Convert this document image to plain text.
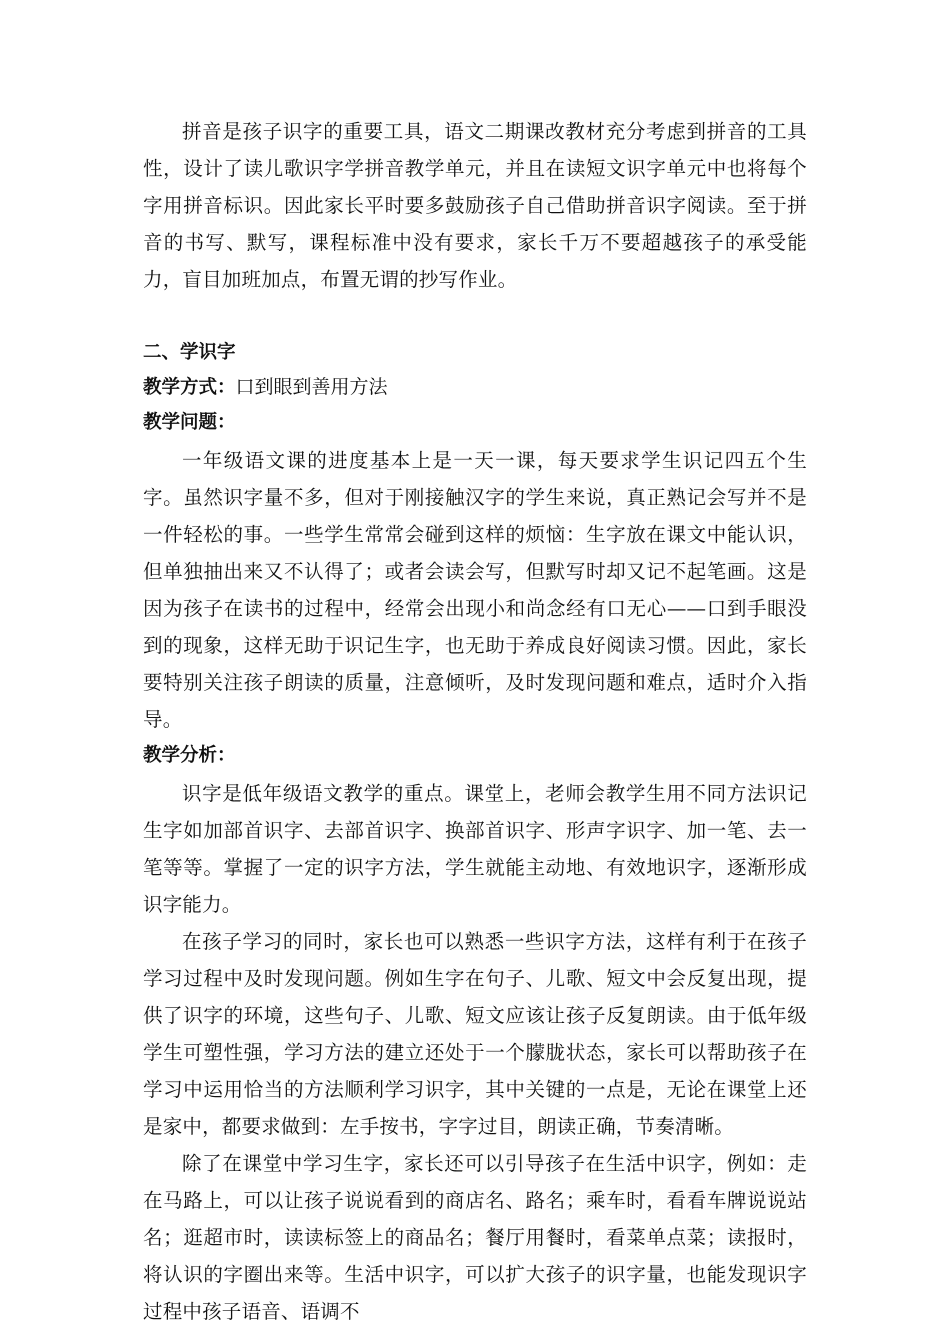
拼音是孩子识字的重要工具，语文二期课改教材充分考虑到拼音的工具性，设计了读儿歌识字学拼音教学单元，并且在读短文识字单元中也将每个字用拼音标识。因此家长平时要多鼓励孩子自己借助拼音识字阅读。至于拼音的书写、默写，课程标准中没有要求，家长千万不要超越孩子的承受能力，盲目加班加点，布置无谓的抄写作业。

二、学识字
教学方式：口到眼到善用方法
教学问题：

一年级语文课的进度基本上是一天一课，每天要求学生识记四五个生字。虽然识字量不多，但对于刚接触汉字的学生来说，真正熟记会写并不是一件轻松的事。一些学生常常会碰到这样的烦恼：生字放在课文中能认识，但单独抽出来又不认得了；或者会读会写，但默写时却又记不起笔画。这是因为孩子在读书的过程中，经常会出现小和尚念经有口无心——口到手眼没到的现象，这样无助于识记生字，也无助于养成良好阅读习惯。因此，家长要特别关注孩子朗读的质量，注意倾听，及时发现问题和难点，适时介入指导。

教学分析：

识字是低年级语文教学的重点。课堂上，老师会教学生用不同方法识记生字如加部首识字、去部首识字、换部首识字、形声字识字、加一笔、去一笔等等。掌握了一定的识字方法，学生就能主动地、有效地识字，逐渐形成识字能力。

在孩子学习的同时，家长也可以熟悉一些识字方法，这样有利于在孩子学习过程中及时发现问题。例如生字在句子、儿歌、短文中会反复出现，提供了识字的环境，这些句子、儿歌、短文应该让孩子反复朗读。由于低年级学生可塑性强，学习方法的建立还处于一个朦胧状态，家长可以帮助孩子在学习中运用恰当的方法顺利学习识字，其中关键的一点是，无论在课堂上还是家中，都要求做到：左手按书，字字过目，朗读正确，节奏清晰。

除了在课堂中学习生字，家长还可以引导孩子在生活中识字，例如：走在马路上，可以让孩子说说看到的商店名、路名；乘车时，看看车牌说说站名；逛超市时，读读标签上的商品名；餐厅用餐时，看菜单点菜；读报时，将认识的字圈出来等。生活中识字，可以扩大孩子的识字量，也能发现识字过程中孩子语音、语调不
